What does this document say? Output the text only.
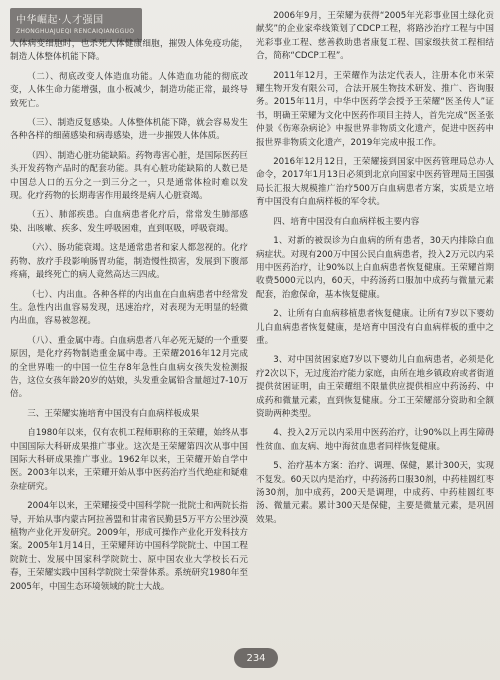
中华崛起·人才强国
ZHONGHUAJUEQI RENCAIQIANGGUO

人体病变细胞时，也杀死人体健康细胞，摧毁人体免疫功能，制造人体整体机能下降。

（二）、彻底改变人体造血功能。人体造血功能的彻底改变，人体生命力能增强，血小板减少，制造功能正常，最终导致死亡。

（三）、制造反复感染。人体整体机能下降，就会容易发生各种各样的细菌感染和病毒感染，进一步摧毁人体体质。

（四）、制造心脏功能缺陷。药物毒害心脏，是国际医药巨头开发药物产品时的配套功能。具有心脏功能缺陷的人数已是中国总人口的五分之一到三分之一，只是通常体检时难以发现。化疗药物的长期毒害作用最终是病人心脏衰竭。

（五）、肺部疾患。白血病患者化疗后，常常发生肺部感染、出咳嗽、疾多、发生呼吸困难，直到呕吸，呼吸衰竭。

（六）、肠功能衰竭。这是通常患者和家人都忽视的。化疗药物、放疗手段影响肠胃功能，制造慢性损害，发展到下腹部疼痛，最终死亡的病人竟然高达三四成。

（七）、内出血。各种各样的内出血在白血病患者中经常发生。急性内出血容易发现，迅速治疗，对表现为无明显的轻微内出血，容易被忽视。

（八）、重金属中毒。白血病患者八年必死无疑的一个重要原因，是化疗药物制造重金属中毒。王荣耀2016年12月完成的全世界唯一的中国一位生存8年急性白血病女孩失发检测报告，这位女孩年龄20岁的姑娘，头发重金属铅含量超过7-10万倍。

三、王荣耀实施培育中国没有白血病样板成果

自1980年以来，仅有农机工程师职称的王荣耀，始终从事中国国际大科研成果推广事业。这次是王荣耀第四次从事中国国际大科研成果推广事业。1962年以来，王荣耀开始自学中医。2003年以来，王荣耀开始从事中医药治疗当代绝症和疑难杂症研究。

2004年以来，王荣耀接受中国科学院一批院士和两院长指导，开始从事内蒙古阿拉善盟和甘肃省民勤县5万平方公里沙漠植物产业化开发研究。2009年，形成可操作产业化开发科技方案。2005年1月14日，王荣耀拜访中国科学院院士、中国工程院院士、发展中国家科学院院士、原中国农业大学校长石元春，王荣耀实践中国科学院院士荣誉体系。系统研究1980年至2005年，中国生态环境领域的院士大战。

2006年9月，王荣耀为获得“2005年光彩事业国土绿化贡献奖”的企业家牵线策划了CDCP工程，将路沙治疗工程与中国光彩事业工程、慈善救助患者康复工程、国家级扶贫工程相结合，简称“CDCP工程”。

2011年12月，王荣耀作为法定代表人，注册本化市米荣耀生物开发有限公司，合法开展生物技术研发、推广、咨询服务。2015年11月，中华中医药学会授予王荣耀“医圣传人”证书，明确王荣耀为文化中医药作项目主持人，首先完成“医圣张仲景《伤寒杂病论》申报世界非物质文化遗产，促进中医药申报世界非物质文化遗产，2019年完成申报工作。

2016年12月12日，王荣耀接到国家中医药管理局总办人命令，2017年1月13日必须到北京向国家中医药管理局王国强局长汇报大规模推广治疗500万白血病患者方案，实质是立培育中国没有白血病样板的军令状。

四、培育中国没有白血病样板主要内容

1、对新的被误诊为白血病的所有患者，30天内排除白血病症状。对现有200万中国公民白血病患者，投入2万元以内采用中医药治疗，让90%以上白血病患者恢复健康。王荣耀首期收费5000元以内，60天，中药汤药口服加中成药与微量元素配套，治愈保命，基本恢复健康。

2、让所有白血病移植患者恢复健康。让所有7岁以下婴幼儿白血病患者恢复健康，是培育中国没有白血病样板的重中之重。

3、对中国贫困家庭7岁以下婴幼儿白血病患者，必须是化疗2次以下，无过度治疗能力家庭，由所在地乡镇政府或者街道提供贫困证明，由王荣耀组不限量供应提供相应中药汤药、中成药和微量元素，直到恢复健康。分工王荣耀部分资助和全额资助两种类型。

4、投入2万元以内采用中医药治疗，让90%以上再生障碍性贫血、血友病、地中海贫血患者同样恢复健康。

5、治疗基本方案：治疗、调理、保健，累计300天，实现不复发。60天以内是治疗，中药汤药口服30剂，中药桂圆红枣汤30剂，加中成药，200天是调理，中成药、中药桂圆红枣汤、微量元素。累计300天是保健，主要是微量元素，是巩固效果。

234
